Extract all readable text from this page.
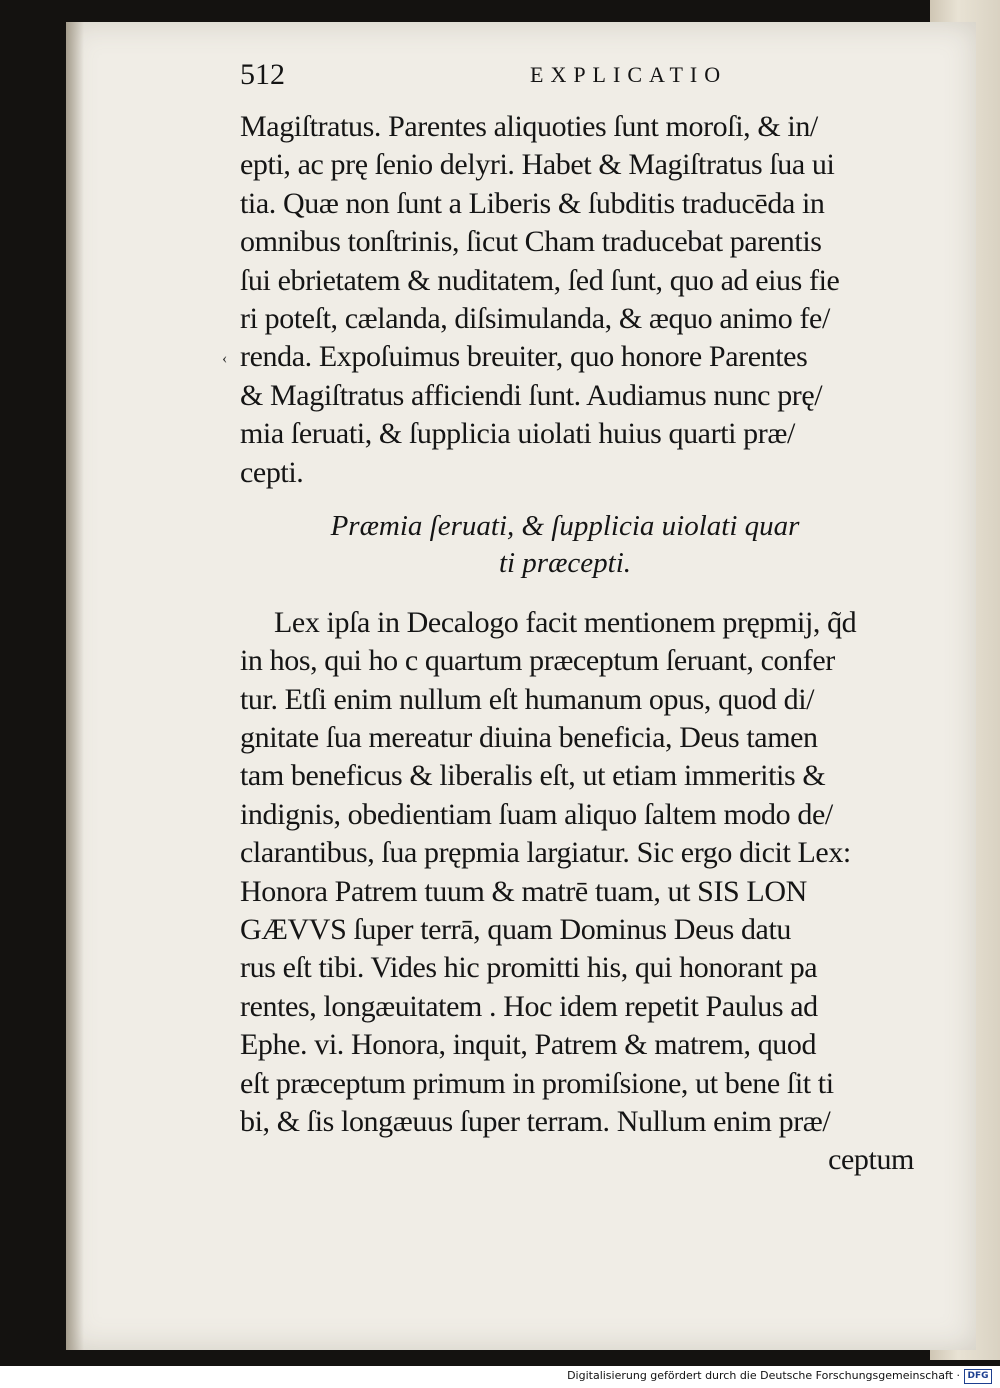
512	EXPLICATIO
‹
Magiſtratus. Parentes aliquoties ſunt moroſi, & in/
epti, ac prę ſenio delyri. Habet & Magiſtratus ſua ui
tia. Quæ non ſunt a Liberis & ſubditis traducēda in
omnibus tonſtrinis, ſicut Cham traducebat parentis
ſui ebrietatem & nuditatem, ſed ſunt, quo ad eius fie
ri poteſt, cælanda, diſsimulanda, & æquo animo fe/
renda. Expoſuimus breuiter, quo honore Parentes
& Magiſtratus afficiendi ſunt. Audiamus nunc prę/
mia ſeruati, & ſupplicia uiolati huius quarti præ/
cepti.
Præmia ſeruati, & ſupplicia uiolati quar
ti præcepti.
Lex ipſa in Decalogo facit mentionem prępmij, q̃d
in hos, qui ho c quartum præceptum ſeruant, confer
tur. Etſi enim nullum eſt humanum opus, quod di/
gnitate ſua mereatur diuina beneficia, Deus tamen
tam beneficus & liberalis eſt, ut etiam immeritis &
indignis, obedientiam ſuam aliquo ſaltem modo de/
clarantibus, ſua prępmia largiatur. Sic ergo dicit Lex:
Honora Patrem tuum & matrē tuam, ut SIS LON
GÆVVS ſuper terrā, quam Dominus Deus datu
rus eſt tibi. Vides hic promitti his, qui honorant pa
rentes, longæuitatem . Hoc idem repetit Paulus ad
Ephe. vi. Honora, inquit, Patrem & matrem, quod
eſt præceptum primum in promiſsione, ut bene ſit ti
bi, & ſis longæuus ſuper terram. Nullum enim præ/
ceptum
Digitalisierung gefördert durch die Deutsche Forschungsgemeinschaft · DFG
